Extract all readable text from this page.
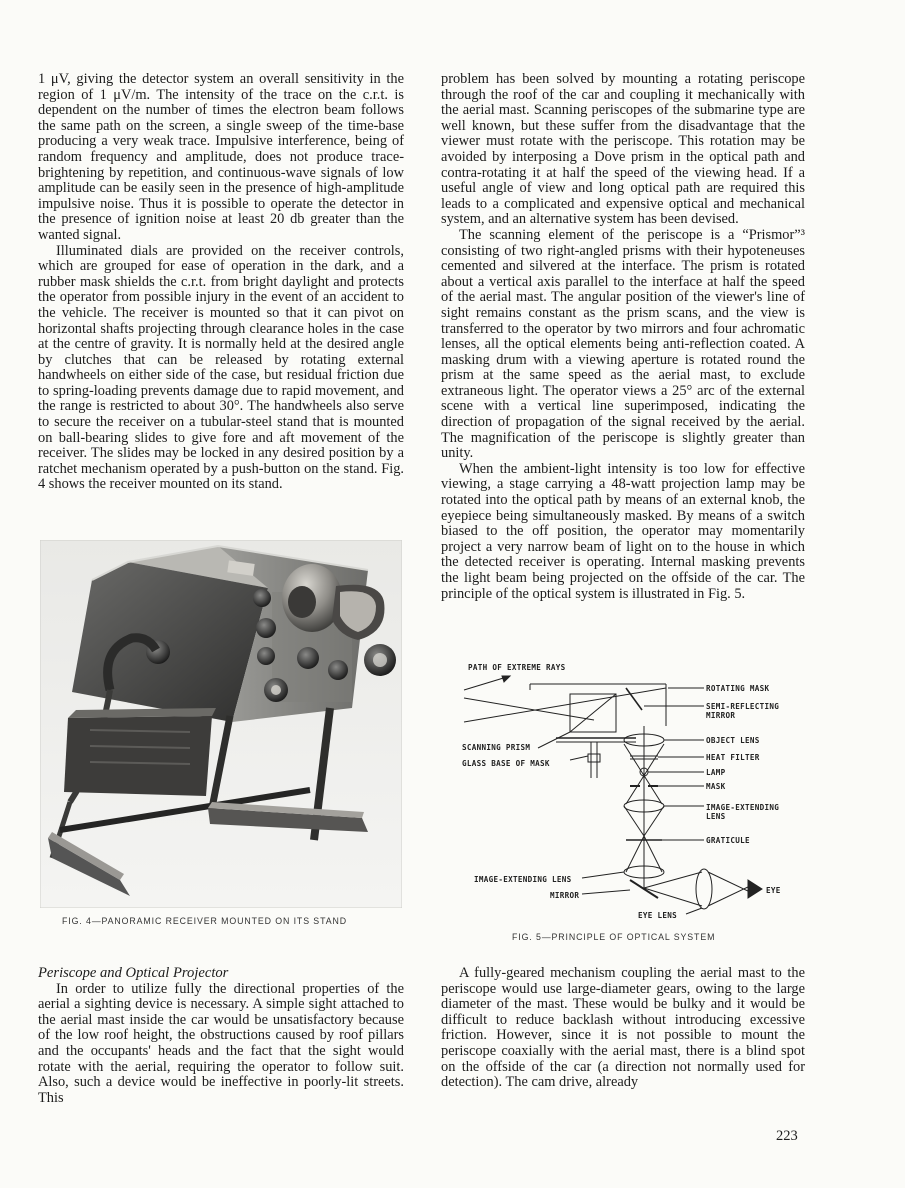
1 μV, giving the detector system an overall sensitivity in the region of 1 μV/m. The intensity of the trace on the c.r.t. is dependent on the number of times the electron beam follows the same path on the screen, a single sweep of the time-base producing a very weak trace. Impulsive interference, being of random frequency and amplitude, does not produce trace-brightening by repetition, and continuous-wave signals of low amplitude can be easily seen in the presence of high-amplitude impulsive noise. Thus it is possible to operate the detector in the presence of ignition noise at least 20 db greater than the wanted signal.

Illuminated dials are provided on the receiver controls, which are grouped for ease of operation in the dark, and a rubber mask shields the c.r.t. from bright daylight and protects the operator from possible injury in the event of an accident to the vehicle. The receiver is mounted so that it can pivot on horizontal shafts projecting through clearance holes in the case at the centre of gravity. It is normally held at the desired angle by clutches that can be released by rotating external handwheels on either side of the case, but residual friction due to spring-loading prevents damage due to rapid movement, and the range is restricted to about 30°. The handwheels also serve to secure the receiver on a tubular-steel stand that is mounted on ball-bearing slides to give fore and aft movement of the receiver. The slides may be locked in any desired position by a ratchet mechanism operated by a push-button on the stand. Fig. 4 shows the receiver mounted on its stand.

problem has been solved by mounting a rotating periscope through the roof of the car and coupling it mechanically with the aerial mast. Scanning periscopes of the submarine type are well known, but these suffer from the disadvantage that the viewer must rotate with the periscope. This rotation may be avoided by interposing a Dove prism in the optical path and contra-rotating it at half the speed of the viewing head. If a useful angle of view and long optical path are required this leads to a complicated and expensive optical and mechanical system, and an alternative system has been devised.

The scanning element of the periscope is a “Prismor”³ consisting of two right-angled prisms with their hypoteneuses cemented and silvered at the interface. The prism is rotated about a vertical axis parallel to the interface at half the speed of the aerial mast. The angular position of the viewer's line of sight remains constant as the prism scans, and the view is transferred to the operator by two mirrors and four achromatic lenses, all the optical elements being anti-reflection coated. A masking drum with a viewing aperture is rotated round the prism at the same speed as the aerial mast, to exclude extraneous light. The operator views a 25° arc of the external scene with a vertical line superimposed, indicating the direction of propagation of the signal received by the aerial. The magnification of the periscope is slightly greater than unity.

When the ambient-light intensity is too low for effective viewing, a stage carrying a 48-watt projection lamp may be rotated into the optical path by means of an external knob, the eyepiece being simultaneously masked. By means of a switch biased to the off position, the operator may momentarily project a very narrow beam of light on to the house in which the detected receiver is operating. Internal masking prevents the light beam being projected on the offside of the car. The principle of the optical system is illustrated in Fig. 5.

FIG. 4—PANORAMIC RECEIVER MOUNTED ON ITS STAND
PATH OF EXTREME RAYS
ROTATING MASK
SEMI-REFLECTING
MIRROR
SCANNING PRISM
GLASS BASE OF MASK
OBJECT LENS
HEAT FILTER
LAMP
MASK
IMAGE-EXTENDING
LENS
GRATICULE
IMAGE-EXTENDING LENS
MIRROR
EYE
EYE LENS
FIG. 5—PRINCIPLE OF OPTICAL SYSTEM

Periscope and Optical Projector

In order to utilize fully the directional properties of the aerial a sighting device is necessary. A simple sight attached to the aerial mast inside the car would be unsatisfactory because of the low roof height, the obstructions caused by roof pillars and the occupants' heads and the fact that the sight would rotate with the aerial, requiring the operator to follow suit. Also, such a device would be ineffective in poorly-lit streets. This

A fully-geared mechanism coupling the aerial mast to the periscope would use large-diameter gears, owing to the large diameter of the mast. These would be bulky and it would be difficult to reduce backlash without introducing excessive friction. However, since it is not possible to mount the periscope coaxially with the aerial mast, there is a blind spot on the offside of the car (a direction not normally used for detection). The cam drive, already

223
